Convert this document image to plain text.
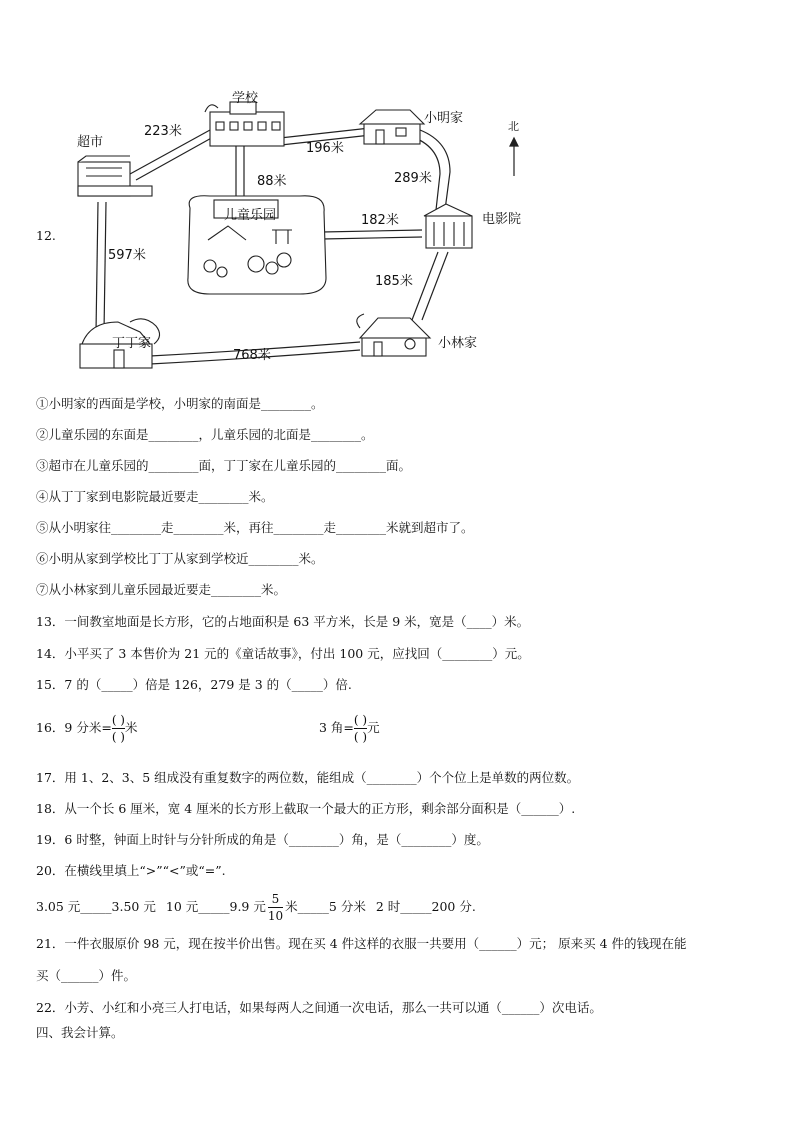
12.
学校
小明家
超市
儿童乐园	电影院
丁丁家	小林家
北
223米
196米
88米	289米
182米
597米
185米
768米
①小明家的西面是学校，小明家的南面是________。
②儿童乐园的东面是________，儿童乐园的北面是________。
③超市在儿童乐园的________面，丁丁家在儿童乐园的________面。
④从丁丁家到电影院最近要走________米。
⑤从小明家往________走________米，再往________走________米就到超市了。
⑥小明从家到学校比丁丁从家到学校近________米。
⑦从小林家到儿童乐园最近要走________米。
13．一间教室地面是长方形，它的占地面积是 63 平方米，长是 9 米，宽是（____）米。
14．小平买了 3 本售价为 21 元的《童话故事》，付出 100 元，应找回（________）元。
15．7 的（_____）倍是 126，279 是 3 的（_____）倍.
16． 9 分米= $\frac{( )}{( )}$ 米	3 角= $\frac{( )}{( )}$ 元
17．用 1、2、3、5 组成没有重复数字的两位数，能组成（________）个个位上是单数的两位数。
18．从一个长 6 厘米，宽 4 厘米的长方形上截取一个最大的正方形，剩余部分面积是（______）.
19．6 时整，钟面上时针与分针所成的角是（________）角，是（________）度。
20．在横线里填上“>”“<”或“=”.
3.05 元_____3.50 元 10 元_____9.9 元 $\frac{5}{10}$ 米_____5 分米 2 时_____200 分.
21．一件衣服原价 98 元，现在按半价出售。现在买 4 件这样的衣服一共要用（______）元； 原来买 4 件的钱现在能
买（______）件。
22．小芳、小红和小亮三人打电话，如果每两人之间通一次电话，那么一共可以通（______）次电话。
四、我会计算。
